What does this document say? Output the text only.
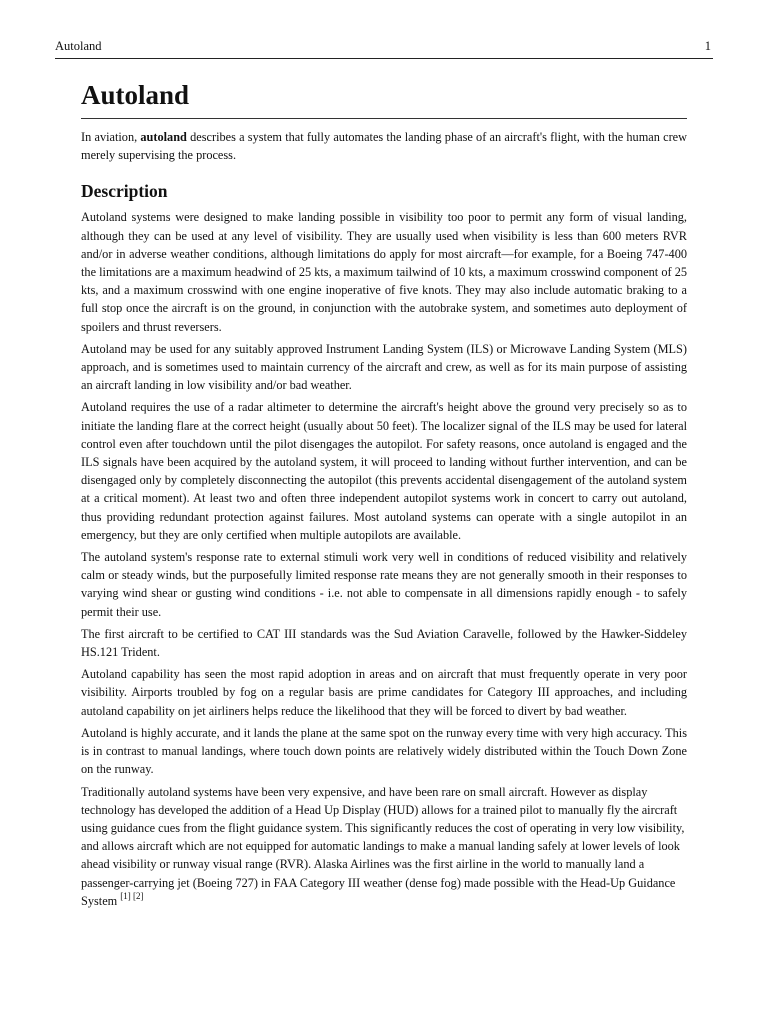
Autoland	1
Autoland

In aviation, autoland describes a system that fully automates the landing phase of an aircraft's flight, with the human crew merely supervising the process.

Description

Autoland systems were designed to make landing possible in visibility too poor to permit any form of visual landing, although they can be used at any level of visibility. They are usually used when visibility is less than 600 meters RVR and/or in adverse weather conditions, although limitations do apply for most aircraft—for example, for a Boeing 747-400 the limitations are a maximum headwind of 25 kts, a maximum tailwind of 10 kts, a maximum crosswind component of 25 kts, and a maximum crosswind with one engine inoperative of five knots. They may also include automatic braking to a full stop once the aircraft is on the ground, in conjunction with the autobrake system, and sometimes auto deployment of spoilers and thrust reversers.

Autoland may be used for any suitably approved Instrument Landing System (ILS) or Microwave Landing System (MLS) approach, and is sometimes used to maintain currency of the aircraft and crew, as well as for its main purpose of assisting an aircraft landing in low visibility and/or bad weather.

Autoland requires the use of a radar altimeter to determine the aircraft's height above the ground very precisely so as to initiate the landing flare at the correct height (usually about 50 feet). The localizer signal of the ILS may be used for lateral control even after touchdown until the pilot disengages the autopilot. For safety reasons, once autoland is engaged and the ILS signals have been acquired by the autoland system, it will proceed to landing without further intervention, and can be disengaged only by completely disconnecting the autopilot (this prevents accidental disengagement of the autoland system at a critical moment). At least two and often three independent autopilot systems work in concert to carry out autoland, thus providing redundant protection against failures. Most autoland systems can operate with a single autopilot in an emergency, but they are only certified when multiple autopilots are available.

The autoland system's response rate to external stimuli work very well in conditions of reduced visibility and relatively calm or steady winds, but the purposefully limited response rate means they are not generally smooth in their responses to varying wind shear or gusting wind conditions - i.e. not able to compensate in all dimensions rapidly enough - to safely permit their use.

The first aircraft to be certified to CAT III standards was the Sud Aviation Caravelle, followed by the Hawker-Siddeley HS.121 Trident.

Autoland capability has seen the most rapid adoption in areas and on aircraft that must frequently operate in very poor visibility. Airports troubled by fog on a regular basis are prime candidates for Category III approaches, and including autoland capability on jet airliners helps reduce the likelihood that they will be forced to divert by bad weather.

Autoland is highly accurate, and it lands the plane at the same spot on the runway every time with very high accuracy. This is in contrast to manual landings, where touch down points are relatively widely distributed within the Touch Down Zone on the runway.

Traditionally autoland systems have been very expensive, and have been rare on small aircraft. However as display technology has developed the addition of a Head Up Display (HUD) allows for a trained pilot to manually fly the aircraft using guidance cues from the flight guidance system. This significantly reduces the cost of operating in very low visibility, and allows aircraft which are not equipped for automatic landings to make a manual landing safely at lower levels of look ahead visibility or runway visual range (RVR). Alaska Airlines was the first airline in the world to manually land a passenger-carrying jet (Boeing 727) in FAA Category III weather (dense fog) made possible with the Head-Up Guidance System [1] [2]
